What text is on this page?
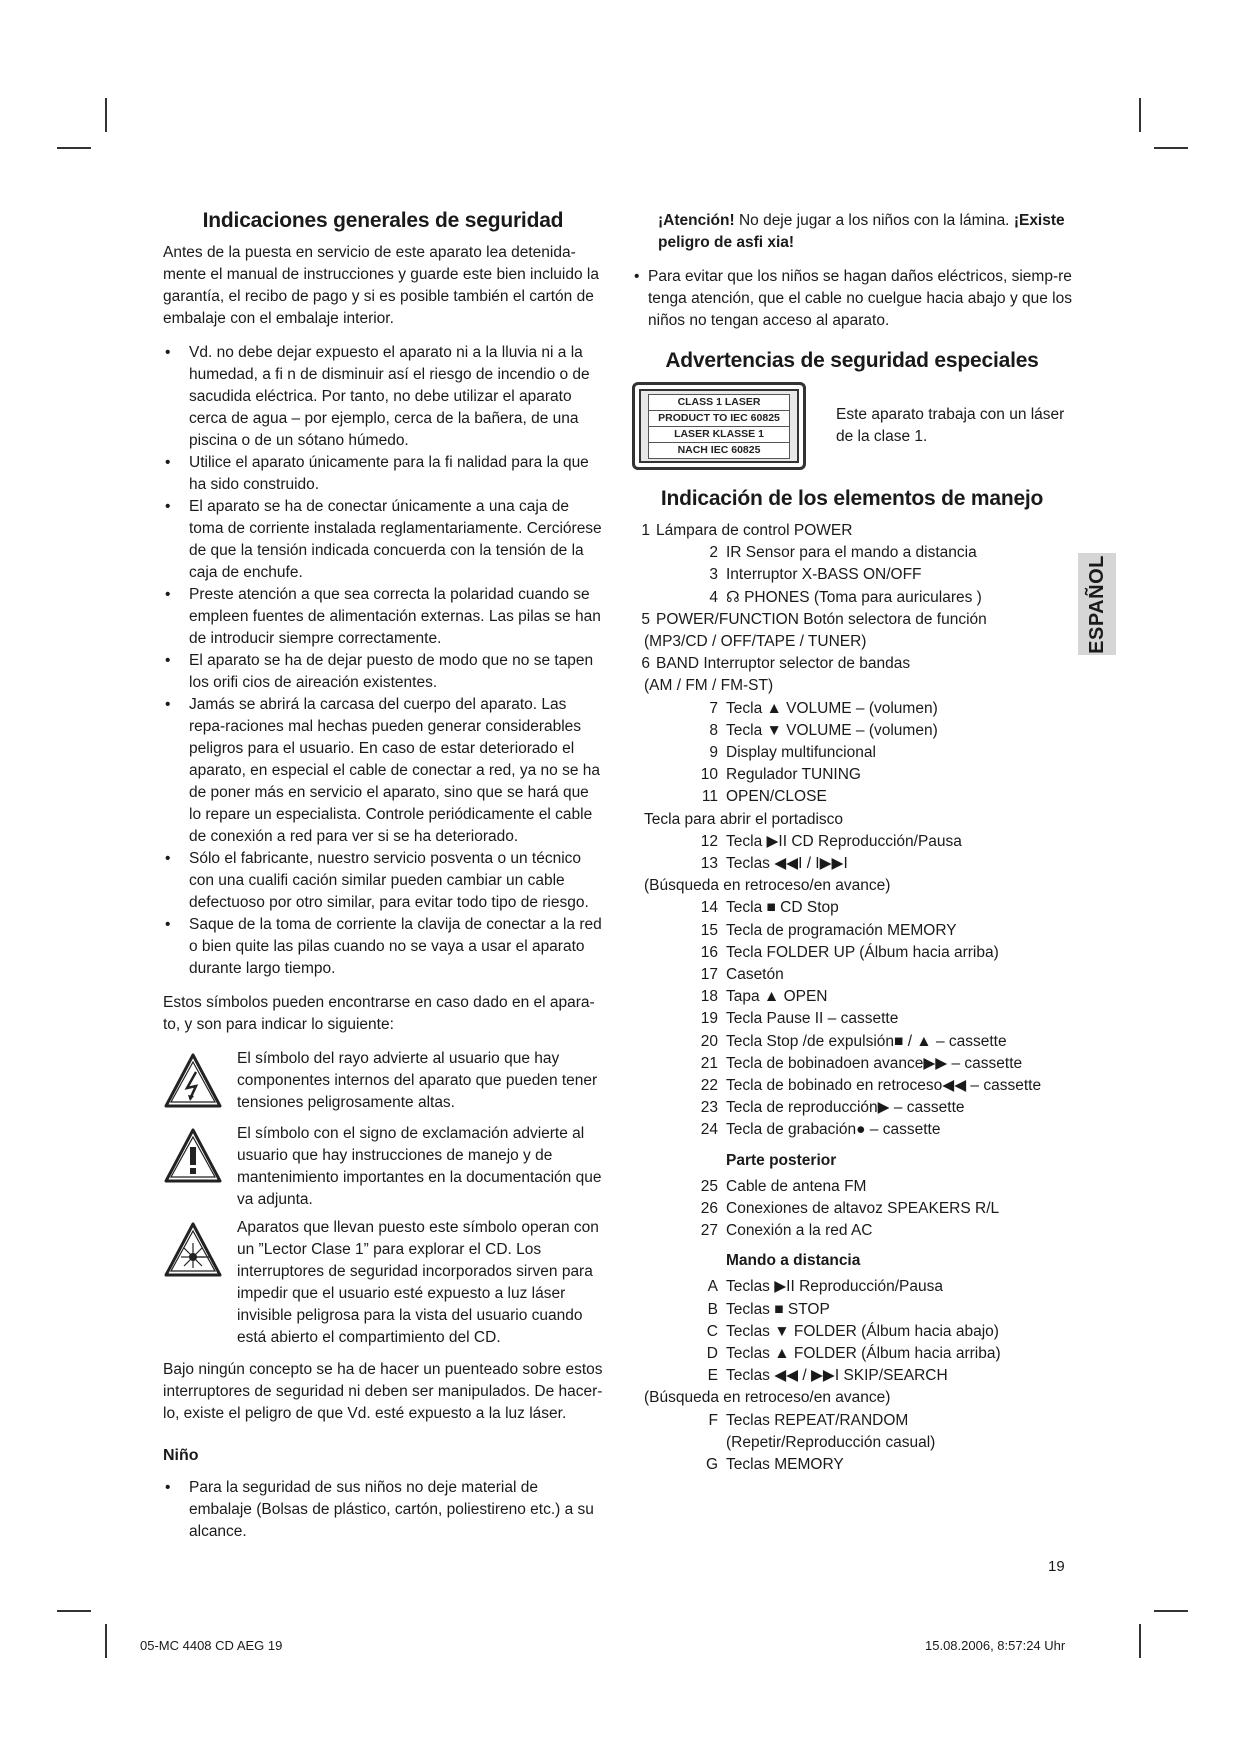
Indicaciones generales de seguridad

Antes de la puesta en servicio de este aparato lea detenida-mente el manual de instrucciones y guarde este bien incluido la garantía, el recibo de pago y si es posible también el cartón de embalaje con el embalaje interior.

• Vd. no debe dejar expuesto el aparato ni a la lluvia ni a la humedad, a fi n de disminuir así el riesgo de incendio o de sacudida eléctrica. Por tanto, no debe utilizar el aparato cerca de agua – por ejemplo, cerca de la bañera, de una piscina o de un sótano húmedo.
• Utilice el aparato únicamente para la fi nalidad para la que ha sido construido.
• El aparato se ha de conectar únicamente a una caja de toma de corriente instalada reglamentariamente. Cerciórese de que la tensión indicada concuerda con la tensión de la caja de enchufe.
• Preste atención a que sea correcta la polaridad cuando se empleen fuentes de alimentación externas. Las pilas se han de introducir siempre correctamente.
• El aparato se ha de dejar puesto de modo que no se tapen los orifi cios de aireación existentes.
• Jamás se abrirá la carcasa del cuerpo del aparato. Las repa-raciones mal hechas pueden generar considerables peligros para el usuario. En caso de estar deteriorado el aparato, en especial el cable de conectar a red, ya no se ha de poner más en servicio el aparato, sino que se hará que lo repare un especialista. Controle periódicamente el cable de conexión a red para ver si se ha deteriorado.
• Sólo el fabricante, nuestro servicio posventa o un técnico con una cualifi cación similar pueden cambiar un cable defectuoso por otro similar, para evitar todo tipo de riesgo.
• Saque de la toma de corriente la clavija de conectar a la red o bien quite las pilas cuando no se vaya a usar el aparato durante largo tiempo.

Estos símbolos pueden encontrarse en caso dado en el apara-to, y son para indicar lo siguiente:

El símbolo del rayo advierte al usuario que hay componentes internos del aparato que pueden tener tensiones peligrosamente altas.
El símbolo con el signo de exclamación advierte al usuario que hay instrucciones de manejo y de mantenimiento importantes en la documentación que va adjunta.
Aparatos que llevan puesto este símbolo operan con un ”Lector Clase 1” para explorar el CD. Los interruptores de seguridad incorporados sirven para impedir que el usuario esté expuesto a luz láser invisible peligrosa para la vista del usuario cuando está abierto el compartimiento del CD.

Bajo ningún concepto se ha de hacer un puenteado sobre estos interruptores de seguridad ni deben ser manipulados. De hacer-lo, existe el peligro de que Vd. esté expuesto a la luz láser.

Niño
• Para la seguridad de sus niños no deje material de embalaje (Bolsas de plástico, cartón, poliestireno etc.) a su alcance.

¡Atención! No deje jugar a los niños con la lámina. ¡Existe peligro de asfi xia!

• Para evitar que los niños se hagan daños eléctricos, siemp-re tenga atención, que el cable no cuelgue hacia abajo y que los niños no tengan acceso al aparato.
Advertencias de seguridad especiales
CLASS 1 LASER
PRODUCT TO IEC 60825
LASER KLASSE 1
NACH IEC 60825
Este aparato trabaja con un láser de la clase 1.
Indicación de los elementos de manejo
1 Lámpara de control POWER
2 IR Sensor para el mando a distancia
3 Interruptor X-BASS ON/OFF
4 ☊ PHONES (Toma para auriculares )
5 POWER/FUNCTION Botón selectora de función
(MP3/CD / OFF/TAPE / TUNER)
6 BAND Interruptor selector de bandas
(AM / FM / FM-ST)
7 Tecla ▲ VOLUME – (volumen)
8 Tecla ▼ VOLUME – (volumen)
9 Display multifuncional
10 Regulador TUNING
11 OPEN/CLOSE
Tecla para abrir el portadisco
12 Tecla ▶II CD Reproducción/Pausa
13 Teclas ◀◀I / I▶▶I
(Búsqueda en retroceso/en avance)
14 Tecla ■ CD Stop
15 Tecla de programación MEMORY
16 Tecla FOLDER UP (Álbum hacia arriba)
17 Casetón
18 Tapa ▲ OPEN
19 Tecla Pause II – cassette
20 Tecla Stop /de expulsión■ / ▲ – cassette
21 Tecla de bobinadoen avance▶▶ – cassette
22 Tecla de bobinado en retroceso◀◀ – cassette
23 Tecla de reproducción▶ – cassette
24 Tecla de grabación● – cassette
Parte posterior
25 Cable de antena FM
26 Conexiones de altavoz SPEAKERS R/L
27 Conexión a la red AC
Mando a distancia
A Teclas ▶II Reproducción/Pausa
B Teclas ■ STOP
C Teclas ▼ FOLDER (Álbum hacia abajo)
D Teclas ▲ FOLDER (Álbum hacia arriba)
E Teclas ◀◀ / ▶▶I SKIP/SEARCH
(Búsqueda en retroceso/en avance)
F Teclas REPEAT/RANDOM
(Repetir/Reproducción casual)
G Teclas MEMORY
ESPAÑOL
19
05-MC 4408 CD AEG 19	15.08.2006, 8:57:24 Uhr
